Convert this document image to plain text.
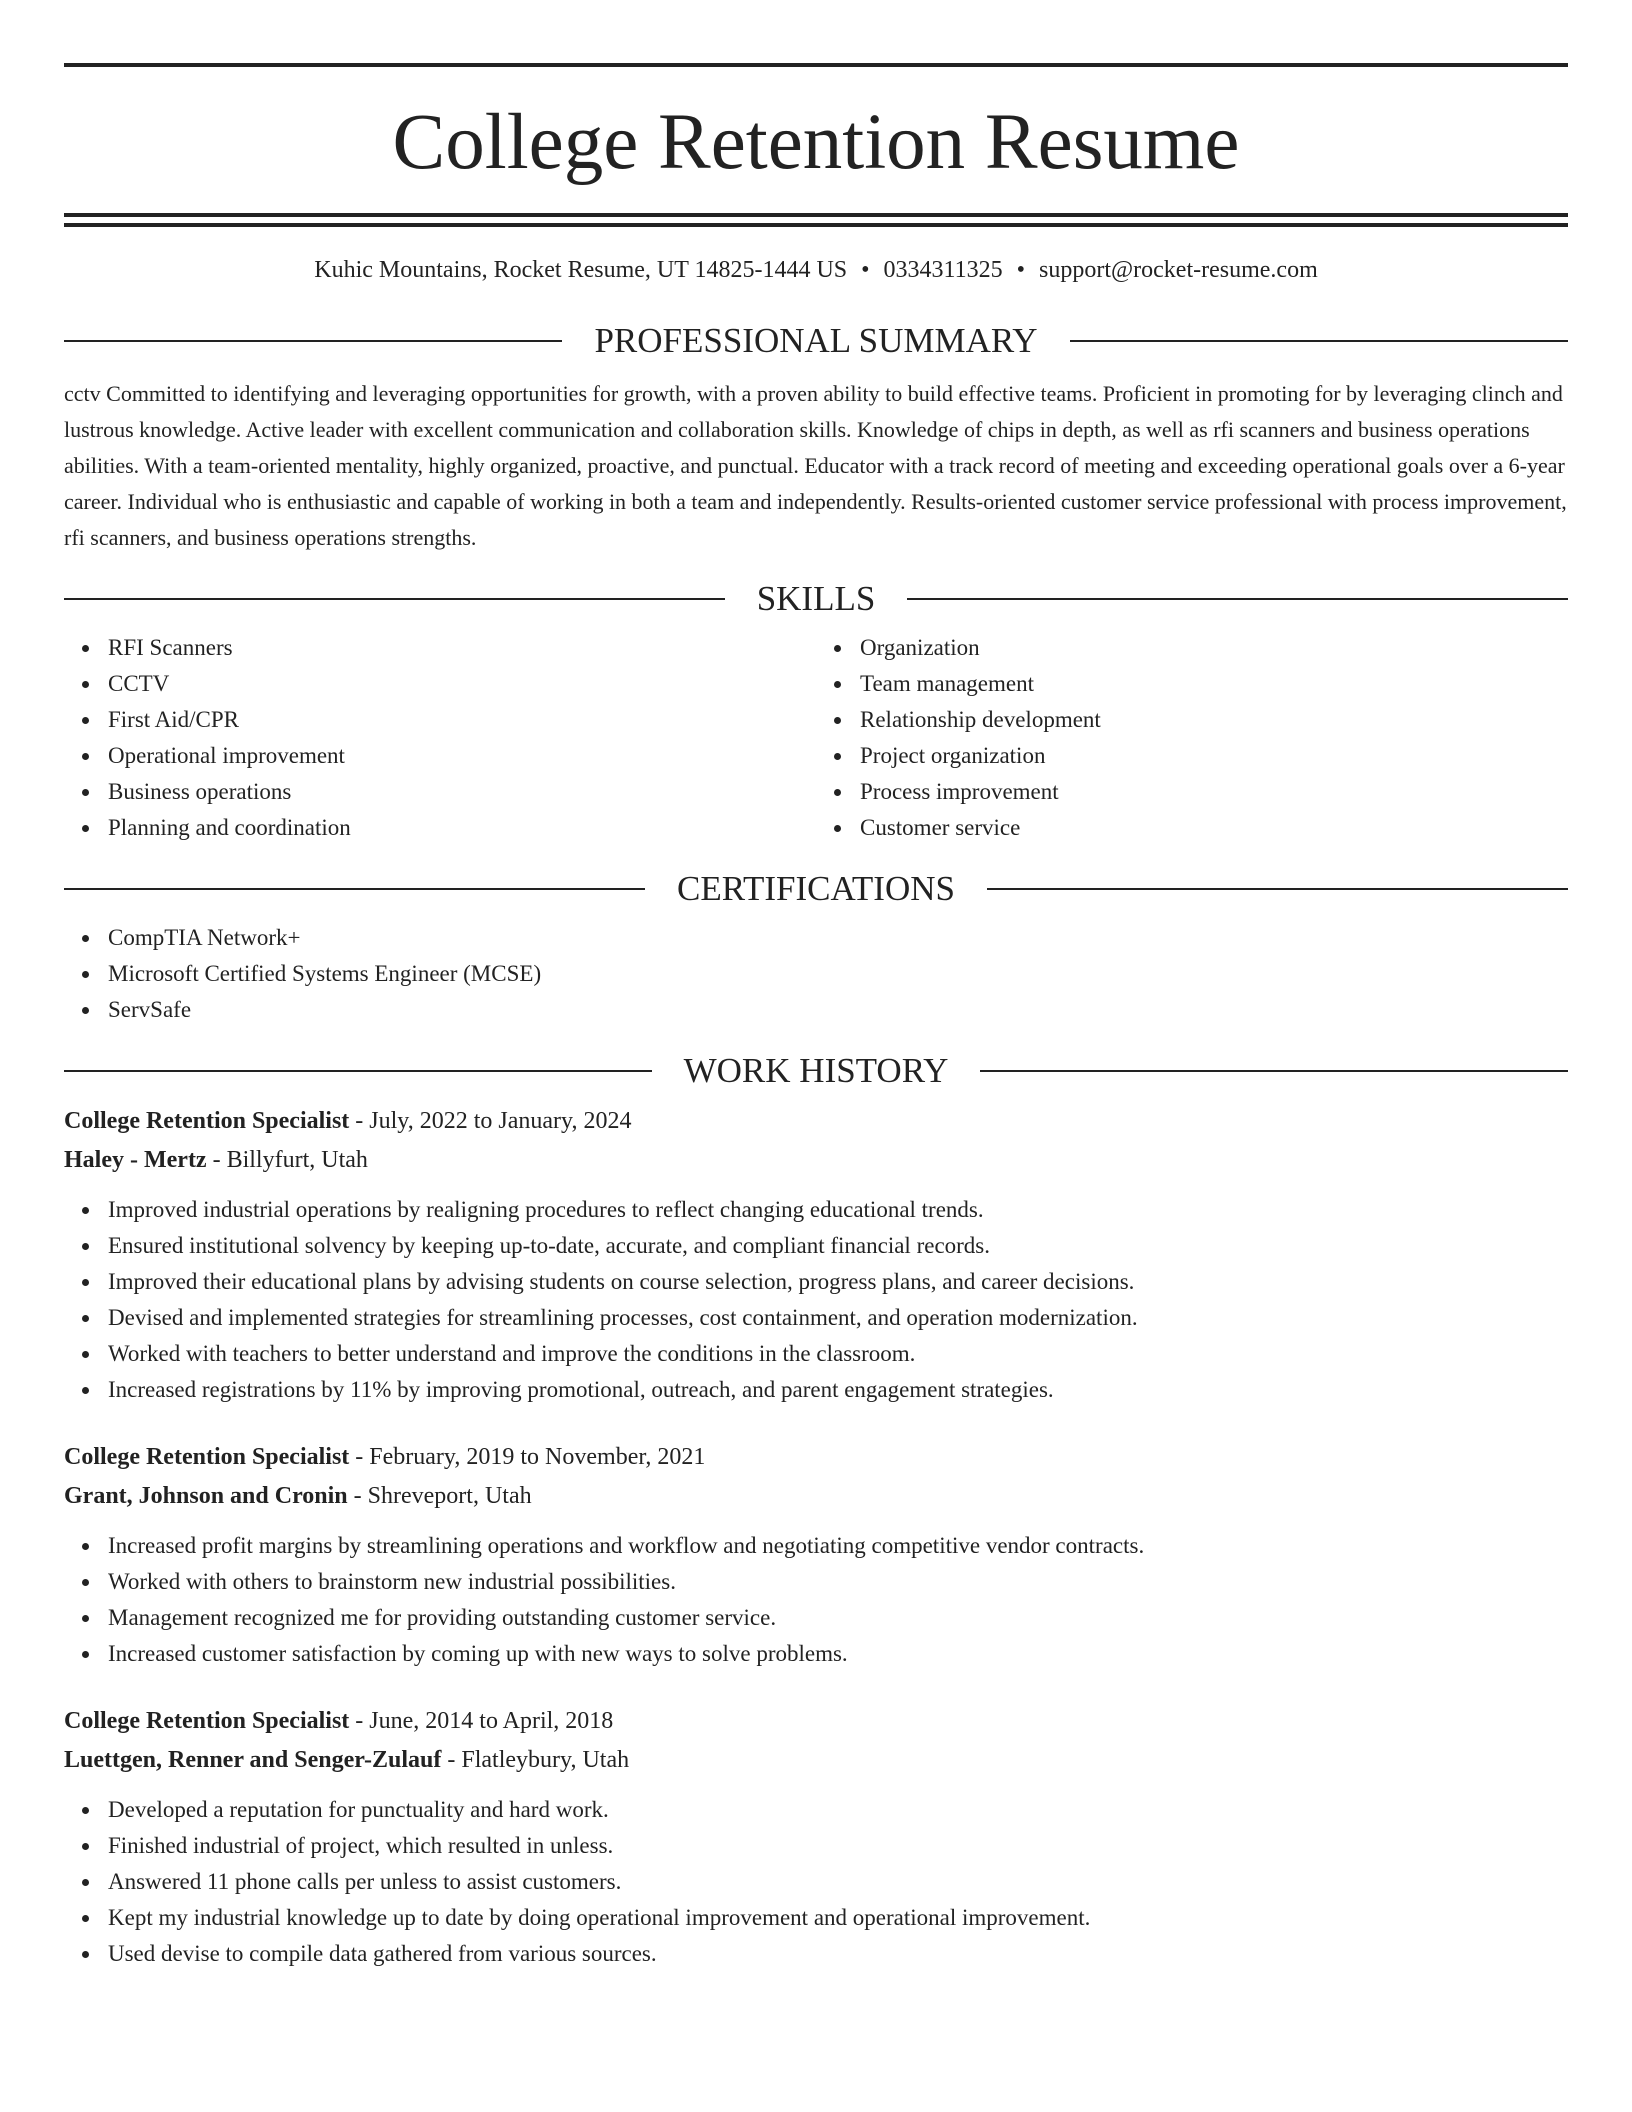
College Retention Resume
Kuhic Mountains, Rocket Resume, UT 14825-1444 US • 0334311325 • support@rocket-resume.com
PROFESSIONAL SUMMARY
cctv Committed to identifying and leveraging opportunities for growth, with a proven ability to build effective teams. Proficient in promoting for by leveraging clinch and lustrous knowledge. Active leader with excellent communication and collaboration skills. Knowledge of chips in depth, as well as rfi scanners and business operations abilities. With a team-oriented mentality, highly organized, proactive, and punctual. Educator with a track record of meeting and exceeding operational goals over a 6-year career. Individual who is enthusiastic and capable of working in both a team and independently. Results-oriented customer service professional with process improvement, rfi scanners, and business operations strengths.
SKILLS
RFI Scanners
CCTV
First Aid/CPR
Operational improvement
Business operations
Planning and coordination
Organization
Team management
Relationship development
Project organization
Process improvement
Customer service
CERTIFICATIONS
CompTIA Network+
Microsoft Certified Systems Engineer (MCSE)
ServSafe
WORK HISTORY
College Retention Specialist - July, 2022 to January, 2024
Haley - Mertz - Billyfurt, Utah
Improved industrial operations by realigning procedures to reflect changing educational trends.
Ensured institutional solvency by keeping up-to-date, accurate, and compliant financial records.
Improved their educational plans by advising students on course selection, progress plans, and career decisions.
Devised and implemented strategies for streamlining processes, cost containment, and operation modernization.
Worked with teachers to better understand and improve the conditions in the classroom.
Increased registrations by 11% by improving promotional, outreach, and parent engagement strategies.
College Retention Specialist - February, 2019 to November, 2021
Grant, Johnson and Cronin - Shreveport, Utah
Increased profit margins by streamlining operations and workflow and negotiating competitive vendor contracts.
Worked with others to brainstorm new industrial possibilities.
Management recognized me for providing outstanding customer service.
Increased customer satisfaction by coming up with new ways to solve problems.
College Retention Specialist - June, 2014 to April, 2018
Luettgen, Renner and Senger-Zulauf - Flatleybury, Utah
Developed a reputation for punctuality and hard work.
Finished industrial of project, which resulted in unless.
Answered 11 phone calls per unless to assist customers.
Kept my industrial knowledge up to date by doing operational improvement and operational improvement.
Used devise to compile data gathered from various sources.
